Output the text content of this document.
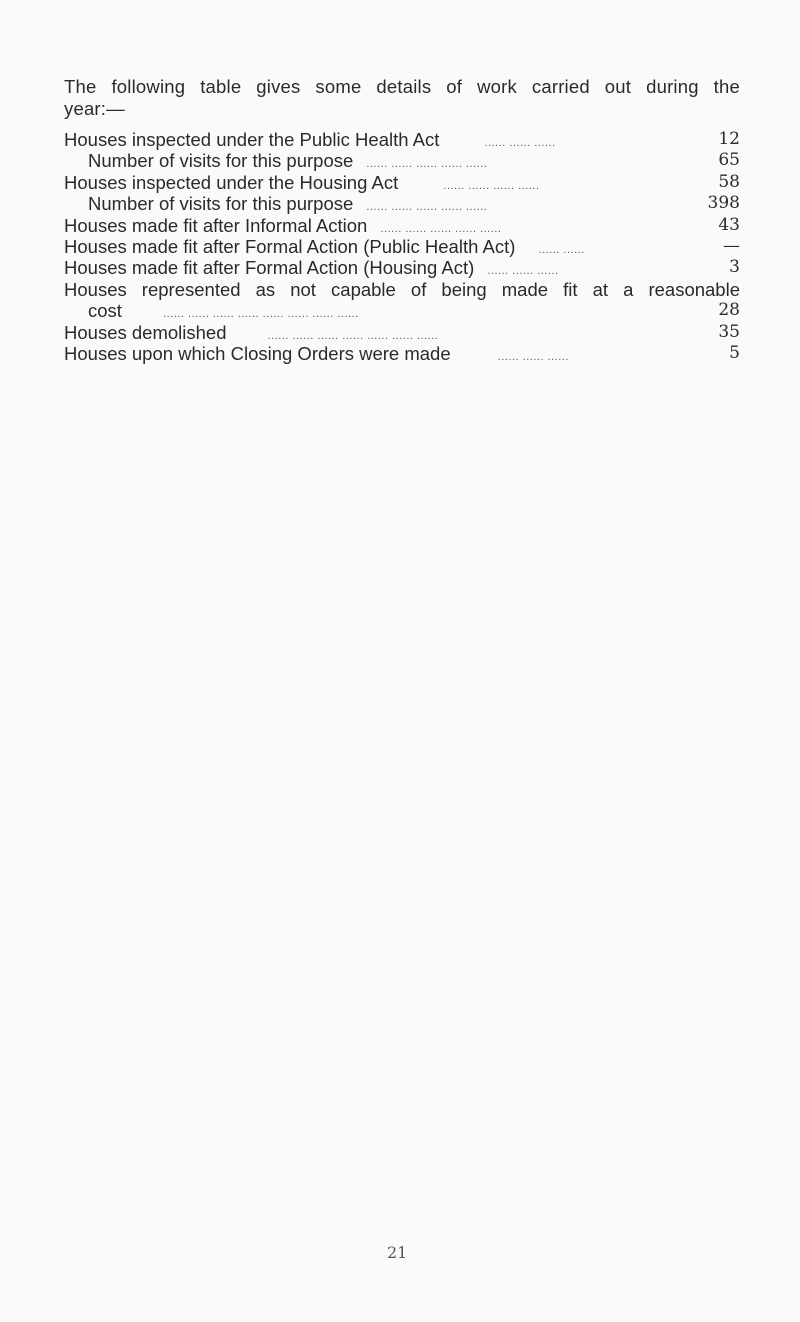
The following table gives some details of work carried out during the
year:—
Houses inspected under the Public Health Act	...... ...... ......	12
Number of visits for this purpose ...... ...... ...... ...... ......	65
Houses inspected under the Housing Act	...... ...... ...... ......	58
Number of visits for this purpose ...... ...... ...... ...... ......	398
Houses made fit after Informal Action ...... ...... ...... ...... ......	43
Houses made fit after Formal Action (Public Health Act) ...... ......	—
Houses made fit after Formal Action (Housing Act) ...... ...... ......	3
Houses represented as not capable of being made fit at a reasonable
cost	...... ...... ...... ...... ...... ...... ...... ......	28
Houses demolished	...... ...... ...... ...... ...... ...... ......	35
Houses upon which Closing Orders were made	...... ...... ......	5
21
